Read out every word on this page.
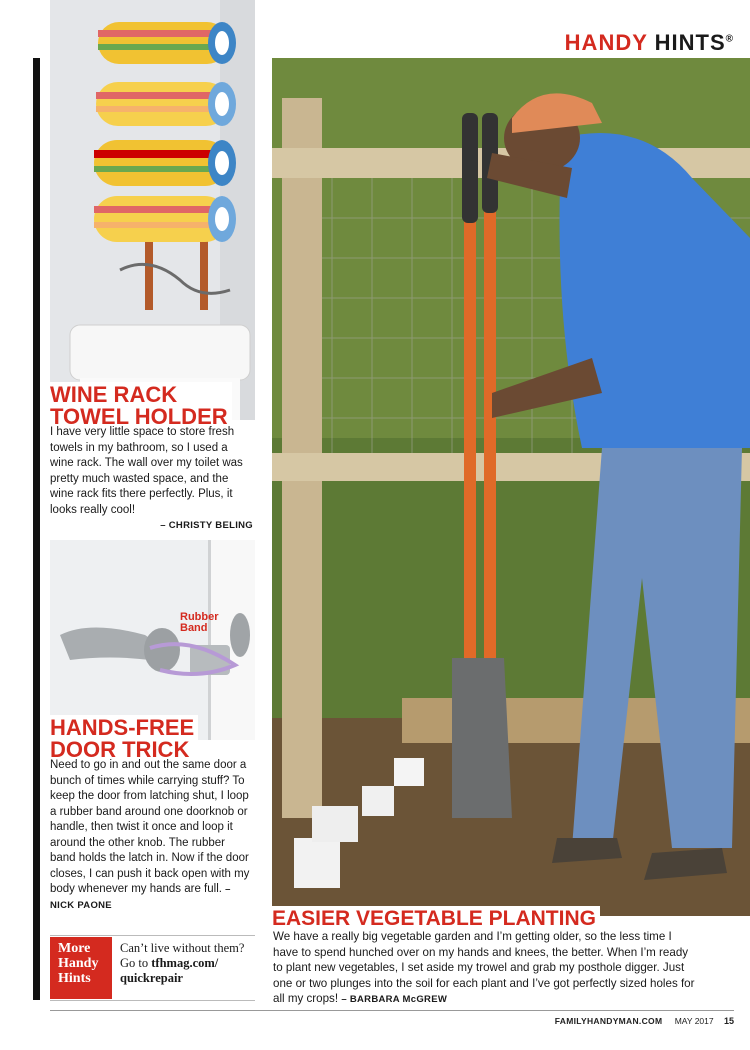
HANDY HINTS®
WINE RACK
TOWEL HOLDER
I have very little space to store fresh towels in my bathroom, so I used a wine rack. The wall over my toilet was pretty much wasted space, and the wine rack fits there perfectly. Plus, it looks really cool!
– CHRISTY BELING
Rubber
Band
HANDS-FREE
DOOR TRICK
Need to go in and out the same door a bunch of times while carrying stuff? To keep the door from latching shut, I loop a rubber band around one doorknob or handle, then twist it once and loop it around the other knob. The rubber band holds the latch in. Now if the door closes, I can push it back open with my body whenever my hands are full. – NICK PAONE
More
Handy
Hints
Can’t live without them?
Go to tfhmag.com/
quickrepair
EASIER VEGETABLE PLANTING
We have a really big vegetable garden and I’m getting older, so the less time I have to spend hunched over on my hands and knees, the better. When I’m ready to plant new vegetables, I set aside my trowel and grab my posthole digger. Just one or two plunges into the soil for each plant and I’ve got perfectly sized holes for all my crops! – BARBARA McGREW
FAMILYHANDYMAN.COM MAY 2017 15
